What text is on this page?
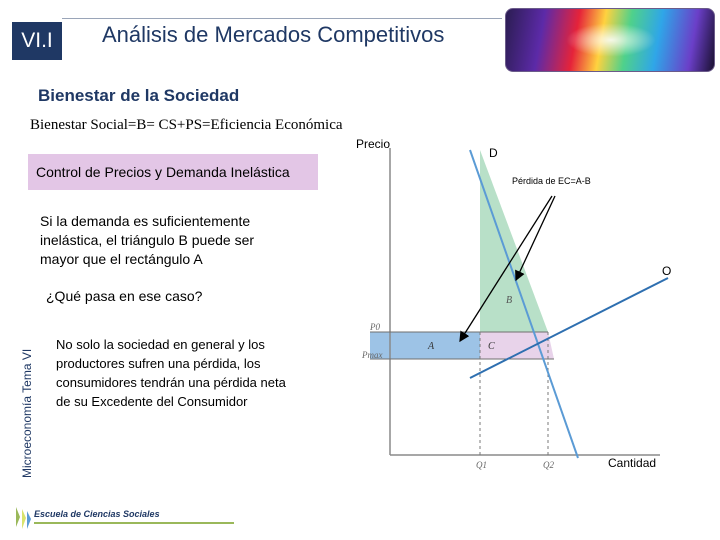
VI.I	Análisis de Mercados Competitivos
Bienestar de la Sociedad
Bienestar Social=B= CS+PS=Eficiencia Económica
Control de Precios y Demanda Inelástica
Si la demanda es suficientemente inelástica, el triángulo B puede ser mayor que el rectángulo A
¿Qué pasa en ese caso?
No solo la sociedad en general y los productores sufren una pérdida, los consumidores tendrán una pérdida neta de su Excedente del Consumidor
Microeconomía Tema VI
Escuela de Ciencias Sociales
B
A	C
P0
Pmax
Q1	Q2
Precio
D
Pérdida de EC=A-B
O
Cantidad
